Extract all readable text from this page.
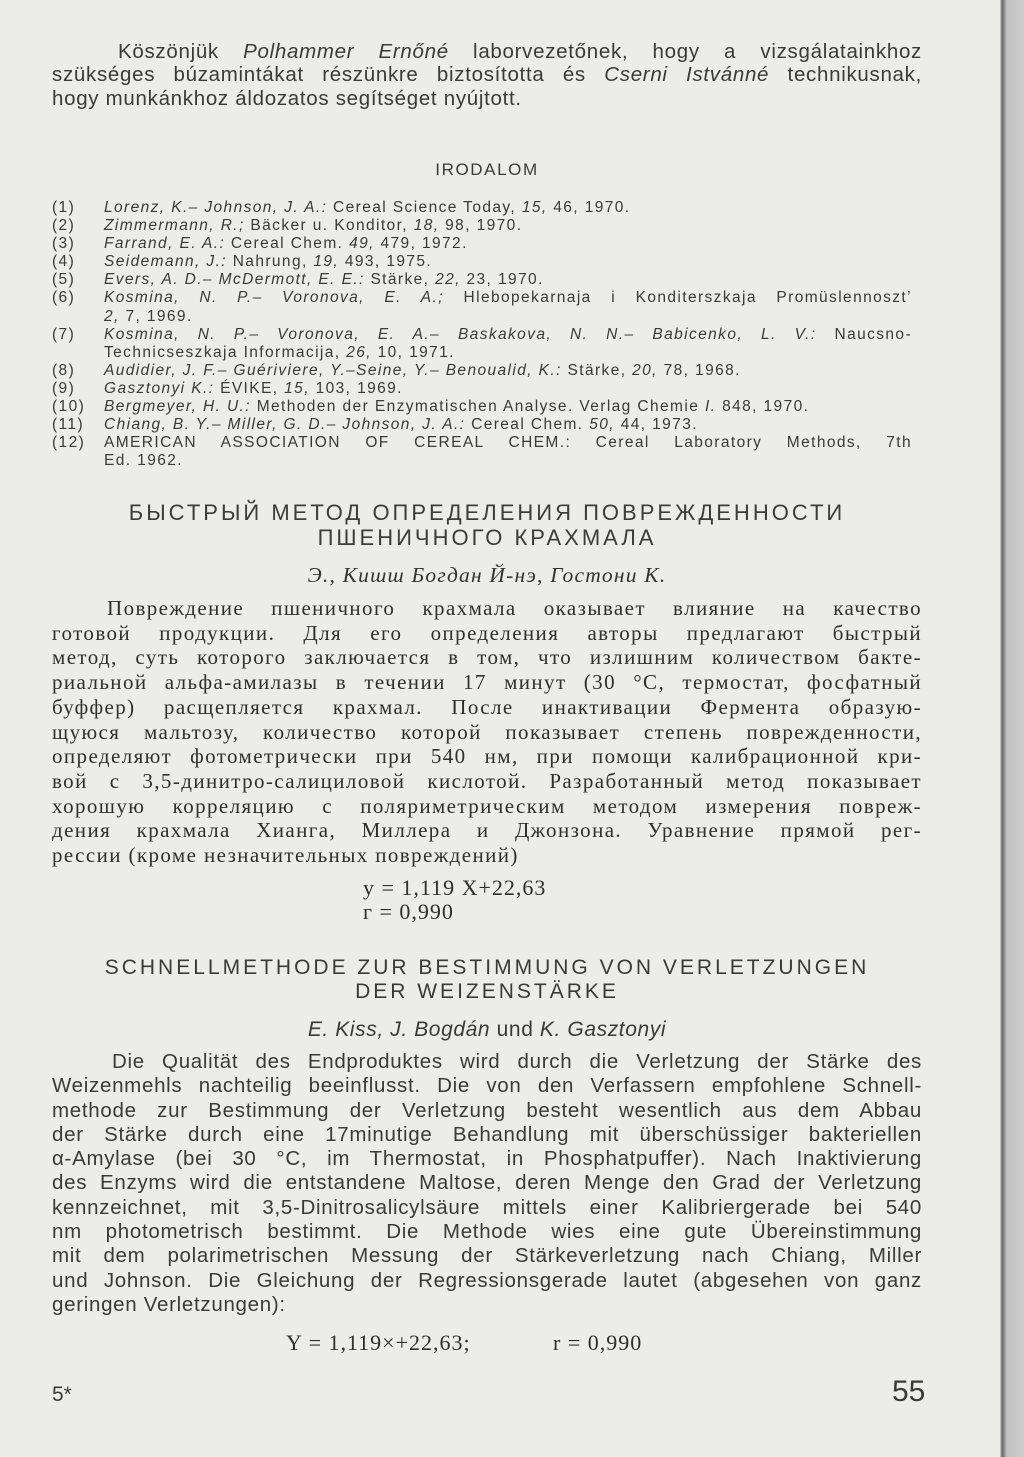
Köszönjük Polhammer Ernőné laborvezetőnek, hogy a vizsgálatainkhoz
szükséges búzamintákat részünkre biztosította és Cserni Istvánné technikusnak,
hogy munkánkhoz áldozatos segítséget nyújtott.
IRODALOM
(1) Lorenz, K.– Johnson, J. A.: Cereal Science Today, 15, 46, 1970.
(2) Zimmermann, R.; Bäcker u. Konditor, 18, 98, 1970.
(3) Farrand, E. A.: Cereal Chem. 49, 479, 1972.
(4) Seidemann, J.: Nahrung, 19, 493, 1975.
(5) Evers, A. D.– McDermott, E. E.: Stärke, 22, 23, 1970.
(6) Kosmina, N. P.– Voronova, E. A.; Hlebopekarnaja i Konditerszkaja Promüslennoszt’
2, 7, 1969.
(7) Kosmina, N. P.– Voronova, E. A.– Baskakova, N. N.– Babicenko, L. V.: Naucsno-
Technicseszkaja Informacija, 26, 10, 1971.
(8) Audidier, J. F.– Guériviere, Y.–Seine, Y.– Benoualid, K.: Stärke, 20, 78, 1968.
(9) Gasztonyi K.: ÉVIKE, 15, 103, 1969.
(10) Bergmeyer, H. U.: Methoden der Enzymatischen Analyse. Verlag Chemie I. 848, 1970.
(11) Chiang, B. Y.– Miller, G. D.– Johnson, J. A.: Cereal Chem. 50, 44, 1973.
(12) AMERICAN ASSOCIATION OF CEREAL CHEM.: Cereal Laboratory Methods, 7th
Ed. 1962.
БЫСТРЫЙ МЕТОД ОПРЕДЕЛЕНИЯ ПОВРЕЖДЕННОСТИ
ПШЕНИЧНОГО КРАХМАЛА
Э., Кишш Богдан Й-нэ, Гостони К.
Повреждение пшеничного крахмала оказывает влияние на качество
готовой продукции. Для его определения авторы предлагают быстрый
метод, суть которого заключается в том, что излишним количеством бакте-
риальной альфа-амилазы в течении 17 минут (30 °С, термостат, фосфатный
буффер) расщепляется крахмал. После инактивации Фермента образую-
щуюся мальтозу, количество которой показывает степень поврежденности,
определяют фотометрически при 540 нм, при помощи калибрационной кри-
вой с 3,5-динитро-салициловой кислотой. Разработанный метод показывает
хорошую корреляцию с поляриметрическим методом измерения повреж-
дения крахмала Хианга, Миллера и Джонзона. Уравнение прямой рег-
рессии (кроме незначительных повреждений)
у = 1,119 Х+22,63
г = 0,990
SCHNELLMETHODE ZUR BESTIMMUNG VON VERLETZUNGEN
DER WEIZENSTÄRKE
E. Kiss, J. Bogdán und K. Gasztonyi
Die Qualität des Endproduktes wird durch die Verletzung der Stärke des
Weizenmehls nachteilig beeinflusst. Die von den Verfassern empfohlene Schnell-
methode zur Bestimmung der Verletzung besteht wesentlich aus dem Abbau
der Stärke durch eine 17minutige Behandlung mit überschüssiger bakteriellen
α-Amylase (bei 30 °C, im Thermostat, in Phosphatpuffer). Nach Inaktivierung
des Enzyms wird die entstandene Maltose, deren Menge den Grad der Verletzung
kennzeichnet, mit 3,5-Dinitrosalicylsäure mittels einer Kalibriergerade bei 540
nm photometrisch bestimmt. Die Methode wies eine gute Übereinstimmung
mit dem polarimetrischen Messung der Stärkeverletzung nach Chiang, Miller
und Johnson. Die Gleichung der Regressionsgerade lautet (abgesehen von ganz
geringen Verletzungen):
Y = 1,119×+22,63;	r = 0,990
5*	55
